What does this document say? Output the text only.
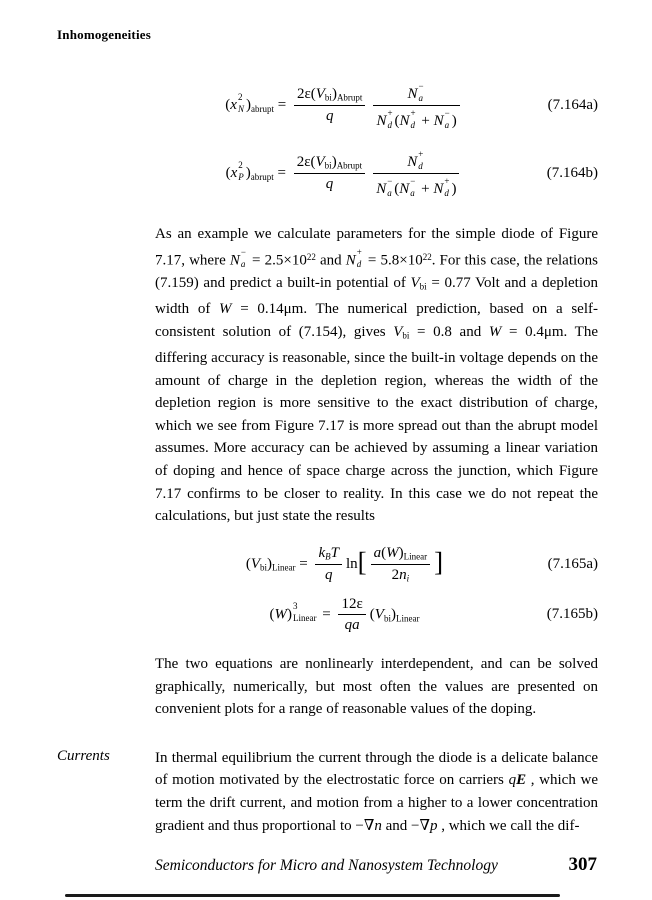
Inhomogeneities
(x
2
N )abrupt = $\frac{\text{2ε(Vbi)Abrupt}}{q}$ N
−
a
N
+
d (N
+
d + N
−
a )	(7.164a)
(x
2
P )abrupt = $\frac{\text{2ε(Vbi)Abrupt}}{q}$ N
+
d
N
−
a (N
−
a + N
+
d )	(7.164b)

As an example we calculate parameters for the simple diode of Figure 7.17, where N
−
$a = 2.5\times 10^{22}$ and N
+
$d = 5.8\times 10^{22}$. For this case, the relations (7.159) and predict a built-in potential of Vbi = 0.77 Volt and a depletion width of W = 0.14μm. The numerical prediction, based on a self-consistent solution of (7.154), gives Vbi = 0.8 and W = 0.4μm. The differing accuracy is reasonable, since the built-in voltage depends on the amount of charge in the depletion region, whereas the width of the depletion region is more sensitive to the exact distribution of charge, which we see from Figure 7.17 is more spread out than the abrupt model assumes. More accuracy can be achieved by assuming a linear variation of doping and hence of space charge across the junction, which Figure 7.17 confirms to be closer to reality. In this case we do not repeat the calculations, but just state the results

(Vbi)Linear = $\frac{\text{kBT}}{q} \ln[ \frac{\text{a(W)Linear}}{2ni}$ ]	(7.165a)
(W)
3
Linear = $\frac{12\varepsilon}{qa}$ (Vbi)Linear	(7.165b)

The two equations are nonlinearly interdependent, and can be solved graphically, numerically, but most often the values are presented on convenient plots for a range of reasonable values of the doping.

Currents	In thermal equilibrium the current through the diode is a delicate balance of motion motivated by the electrostatic force on carriers qE , which we term the drift current, and motion from a higher to a lower concentration gradient and thus proportional to −∇n and −∇p , which we call the dif-

Semiconductors for Micro and Nanosystem Technology	307
